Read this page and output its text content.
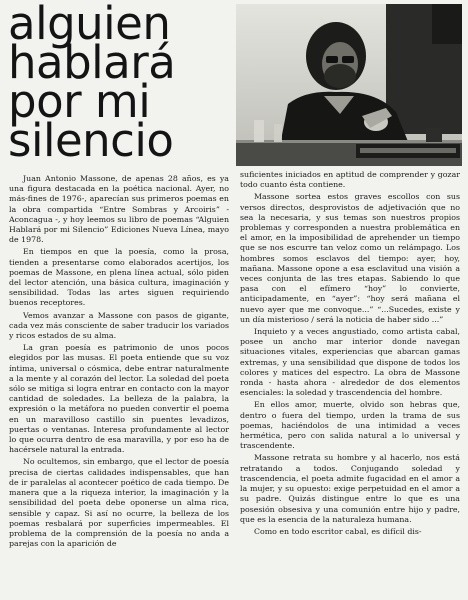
alguien
hablará
por mi
silencio

Juan Antonio Massone, de apenas 28 años, es ya una figura destacada en la poética nacional. Ayer, no más-fines de 1976-, aparecían sus primeros poemas en la obra compartida “Entre Sombras y Arcoiris” - Aconcagua -, y hoy leemos su libro de poemas “Alguien Hablará por mi Silencio” Ediciones Nueva Línea, mayo de 1978.

En tiempos en que la poesía, como la prosa, tienden a presentarse como elaborados acertijos, los poemas de Massone, en plena línea actual, sólo piden del lector atención, una básica cultura, imaginación y sensibilidad. Todas las artes siguen requiriendo buenos receptores.

Vemos avanzar a Massone con pasos de gigante, cada vez más consciente de saber traducir los variados y ricos estados de su alma.

La gran poesía es patrimonio de unos pocos elegidos por las musas. El poeta entiende que su voz íntima, universal o cósmica, debe entrar naturalmente a la mente y al corazón del lector. La soledad del poeta sólo se mitiga si logra entrar en contacto con la mayor cantidad de soledades. La belleza de la palabra, la expresión o la metáfora no pueden convertir el poema en un maravilloso castillo sin puentes levadizos, puertas o ventanas. Interesa profundamente al lector lo que ocurra dentro de esa maravilla, y por eso ha de hacérsele natural la entrada.

No ocultemos, sin embargo, que el lector de poesía precisa de ciertas calidades indispensables, que han de ir paralelas al acontecer poético de cada tiempo. De manera que a la riqueza interior, la imaginación y la sensibilidad del poeta debe oponerse un alma rica, sensible y capaz. Si así no ocurre, la belleza de los poemas resbalará por superficies impermeables. El problema de la comprensión de la poesía no anda a parejas con la aparición de

suficientes iniciados en aptitud de comprender y gozar todo cuanto ésta contiene.

Massone sortea estos graves escollos con sus versos directos, desprovistos de adjetivación que no sea la necesaria, y sus temas son nuestros propios problemas y corresponden a nuestra problemática en el amor, en la imposibilidad de aprehender un tiempo que se nos escurre tan veloz como un relámpago. Los hombres somos esclavos del tiempo: ayer, hoy, mañana. Massone opone a esa esclavitud una visión a veces conjunta de las tres etapas. Sabiendo lo que pasa con el efímero “hoy” lo convierte, anticipadamente, en “ayer”: “hoy será mañana el nuevo ayer que me convoque...” “...Sucedes, existe y un día misterioso / será la noticia de haber sido ...”

Inquieto y a veces angustiado, como artista cabal, posee un ancho mar interior donde navegan situaciones vitales, experiencias que abarcan gamas extremas, y una sensibilidad que dispone de todos los colores y matices del espectro. La obra de Massone ronda - hasta ahora - alrededor de dos elementos esenciales: la soledad y trascendencia del hombre.

En ellos amor, muerte, olvido son hebras que, dentro o fuera del tiempo, urden la trama de sus poemas, haciéndolos de una intimidad a veces hermética, pero con salida natural a lo universal y trascendente.

Massone retrata su hombre y al hacerlo, nos está retratando a todos. Conjugando soledad y trascendencia, el poeta admite fugacidad en el amor a la mujer, y su opuesto: exige perpetuidad en el amor a su padre. Quizás distingue entre lo que es una posesión obsesiva y una comunión entre hijo y padre, que es la esencia de la naturaleza humana.

Como en todo escritor cabal, es difícil dis-
